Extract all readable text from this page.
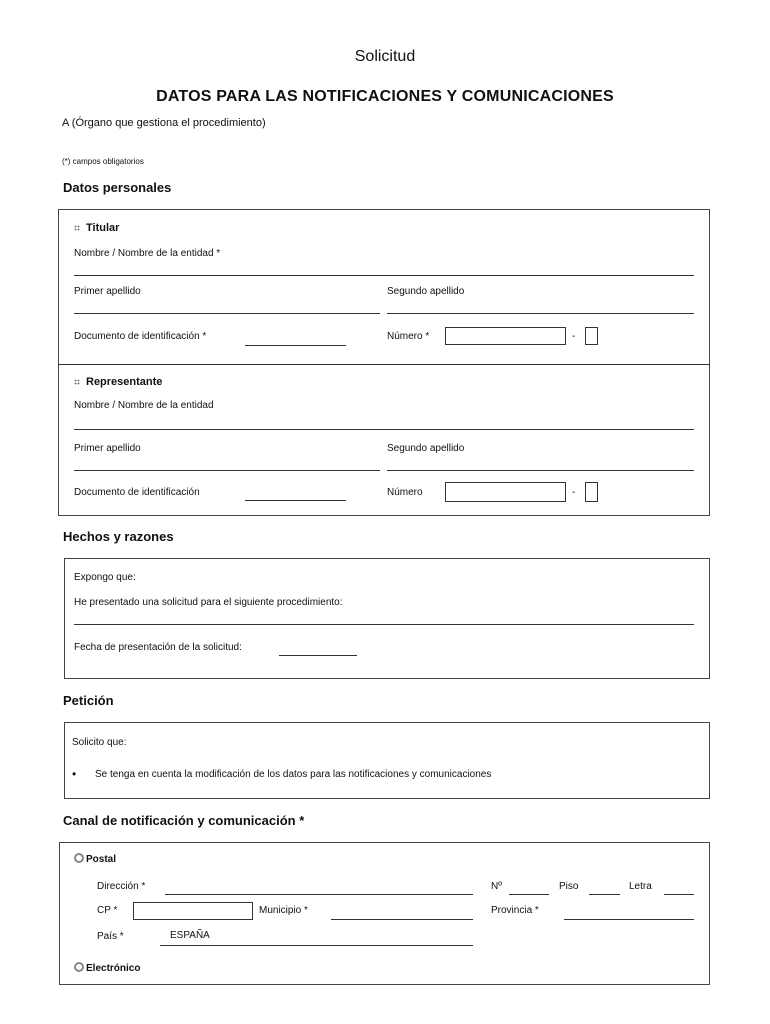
Solicitud
DATOS PARA LAS NOTIFICACIONES Y COMUNICACIONES
A (Órgano que gestiona el procedimiento)
(*) campos obligatorios
Datos personales
Titular
Nombre / Nombre de la entidad *
Primer apellido	Segundo apellido
Documento de identificación *	Número *	-
Representante
Nombre / Nombre de la entidad
Primer apellido	Segundo apellido
Documento de identificación	Número	-
Hechos y razones
Expongo que:
He presentado una solicitud para el siguiente procedimiento:
Fecha de presentación de la solicitud:
Petición
Solicito que:
• Se tenga en cuenta la modificación de los datos para las notificaciones y comunicaciones
Canal de notificación y comunicación *
Postal
Dirección *	Nº	Piso	Letra
CP *	Municipio *	Provincia *
País *	ESPAÑA
Electrónico
